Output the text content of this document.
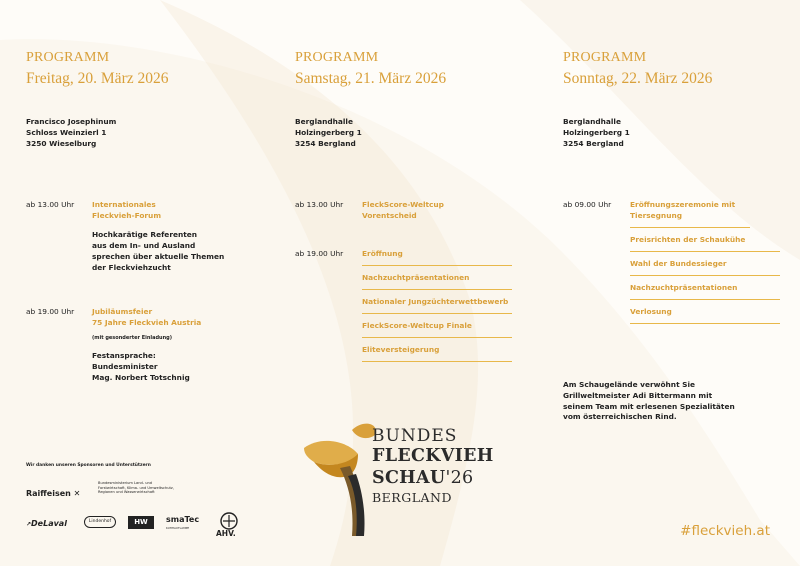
PROGRAMM
Freitag, 20. März 2026
Francisco Josephinum
Schloss Weinzierl 1
3250 Wieselburg
ab 13.00 Uhr	Internationales
Fleckvieh-Forum
Hochkarätige Referenten
aus dem In- und Ausland
sprechen über aktuelle Themen
der Fleckviehzucht
ab 19.00 Uhr	Jubiläumsfeier
75 Jahre Fleckvieh Austria
(mit gesonderter Einladung)
Festansprache:
Bundesminister
Mag. Norbert Totschnig
PROGRAMM
Samstag, 21. März 2026
Berglandhalle
Holzingerberg 1
3254 Bergland
ab 13.00 Uhr	FleckScore-Weltcup
Vorentscheid
ab 19.00 Uhr	Eröffnung
Nachzuchtpräsentationen
Nationaler Jungzüchterwettbewerb
FleckScore-Weltcup Finale
Eliteversteigerung
PROGRAMM
Sonntag, 22. März 2026
Berglandhalle
Holzingerberg 1
3254 Bergland
ab 09.00 Uhr	Eröffnungszeremonie mit Tiersegnung
Preisrichten der Schaukühe
Wahl der Bundessieger
Nachzuchtpräsentationen
Verlosung
Am Schaugelände verwöhnt Sie
Grillweltmeister Adi Bittermann mit
seinem Team mit erlesenen Spezialitäten
vom österreichischen Rind.
BUNDES
FLECKVIEH
SCHAU'26
BERGLAND
#fleckvieh.at
Wir danken unseren Sponsoren und Unterstützern
Raiffeisen ✕
Bundesministerium Land- und Forstwirtschaft, Klima- und Umweltschutz, Regionen und Wasserwirtschaft
↗DeLaval	Lindenhof	HW	smaTec
KUHHAUTLAMPE
AHV.
